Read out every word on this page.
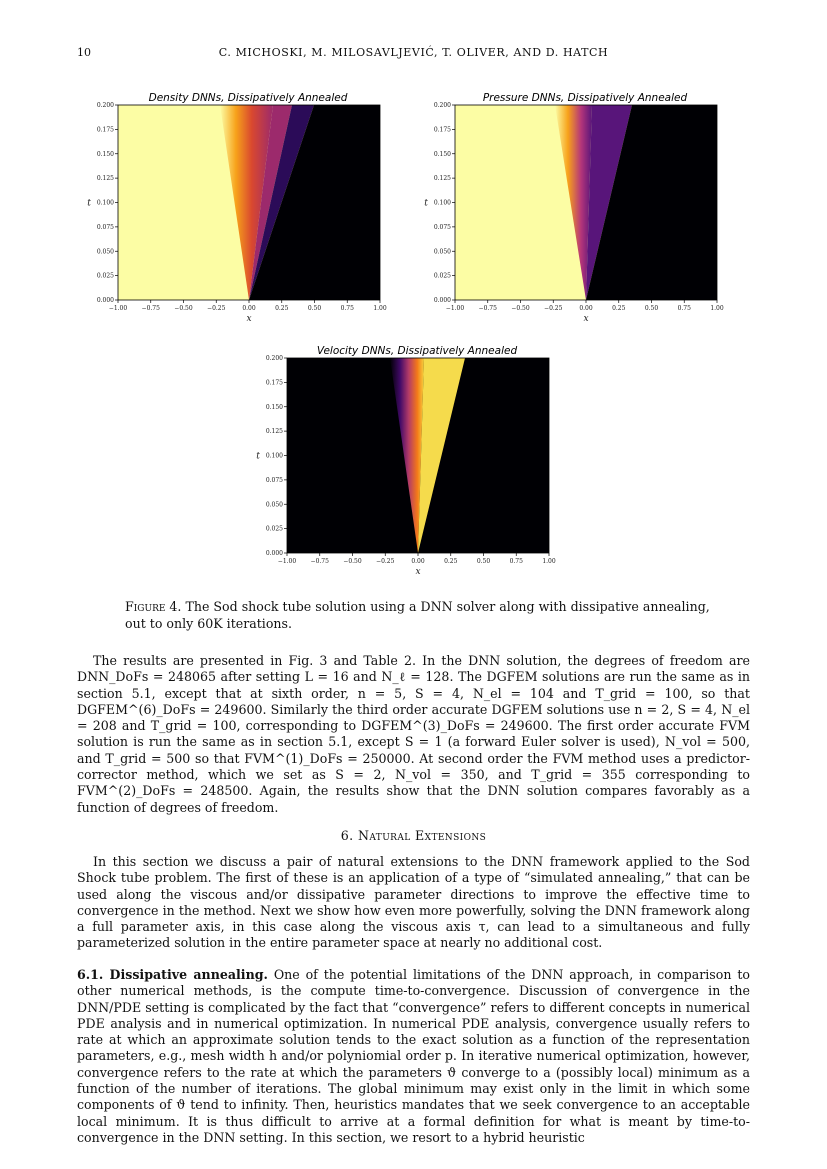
10	C. MICHOSKI, M. MILOSAVLJEVIĆ, T. OLIVER, AND D. HATCH
Density DNNs, Dissipatively Annealed
−1.00 −0.75 −0.50 −0.25	0.00	0.25	0.50	0.75	1.00
0.000
0.025
0.050
0.075
0.100
0.125
0.150
0.175
0.200
x
t
Pressure DNNs, Dissipatively Annealed
−1.00 −0.75 −0.50 −0.25	0.00	0.25	0.50	0.75	1.00
0.000
0.025
0.050
0.075
0.100
0.125
0.150
0.175
0.200
x
t
Velocity DNNs, Dissipatively Annealed
−1.00 −0.75 −0.50 −0.25	0.00	0.25	0.50	0.75	1.00
0.000
0.025
0.050
0.075
0.100
0.125
0.150
0.175
0.200
x
t
Figure 4. The Sod shock tube solution using a DNN solver along with dissipative annealing, out to only 60K iterations.

The results are presented in Fig. 3 and Table 2. In the DNN solution, the degrees of freedom are DNN_DoFs = 248065 after setting L = 16 and N_ℓ = 128. The DGFEM solutions are run the same as in section 5.1, except that at sixth order, n = 5, S = 4, N_el = 104 and T_grid = 100, so that DGFEM^(6)_DoFs = 249600. Similarly the third order accurate DGFEM solutions use n = 2, S = 4, N_el = 208 and T_grid = 100, corresponding to DGFEM^(3)_DoFs = 249600. The first order accurate FVM solution is run the same as in section 5.1, except S = 1 (a forward Euler solver is used), N_vol = 500, and T_grid = 500 so that FVM^(1)_DoFs = 250000. At second order the FVM method uses a predictor-corrector method, which we set as S = 2, N_vol = 350, and T_grid = 355 corresponding to FVM^(2)_DoFs = 248500. Again, the results show that the DNN solution compares favorably as a function of degrees of freedom.

6. Natural Extensions

In this section we discuss a pair of natural extensions to the DNN framework applied to the Sod Shock tube problem. The first of these is an application of a type of “simulated annealing,” that can be used along the viscous and/or dissipative parameter directions to improve the effective time to convergence in the method. Next we show how even more powerfully, solving the DNN framework along a full parameter axis, in this case along the viscous axis τ, can lead to a simultaneous and fully parameterized solution in the entire parameter space at nearly no additional cost.

6.1. Dissipative annealing. One of the potential limitations of the DNN approach, in comparison to other numerical methods, is the compute time-to-convergence. Discussion of convergence in the DNN/PDE setting is complicated by the fact that “convergence” refers to different concepts in numerical PDE analysis and in numerical optimization. In numerical PDE analysis, convergence usually refers to rate at which an approximate solution tends to the exact solution as a function of the representation parameters, e.g., mesh width h and/or polyniomial order p. In iterative numerical optimization, however, convergence refers to the rate at which the parameters ϑ converge to a (possibly local) minimum as a function of the number of iterations. The global minimum may exist only in the limit in which some components of ϑ tend to infinity. Then, heuristics mandates that we seek convergence to an acceptable local minimum. It is thus difficult to arrive at a formal definition for what is meant by time-to-convergence in the DNN setting. In this section, we resort to a hybrid heuristic
